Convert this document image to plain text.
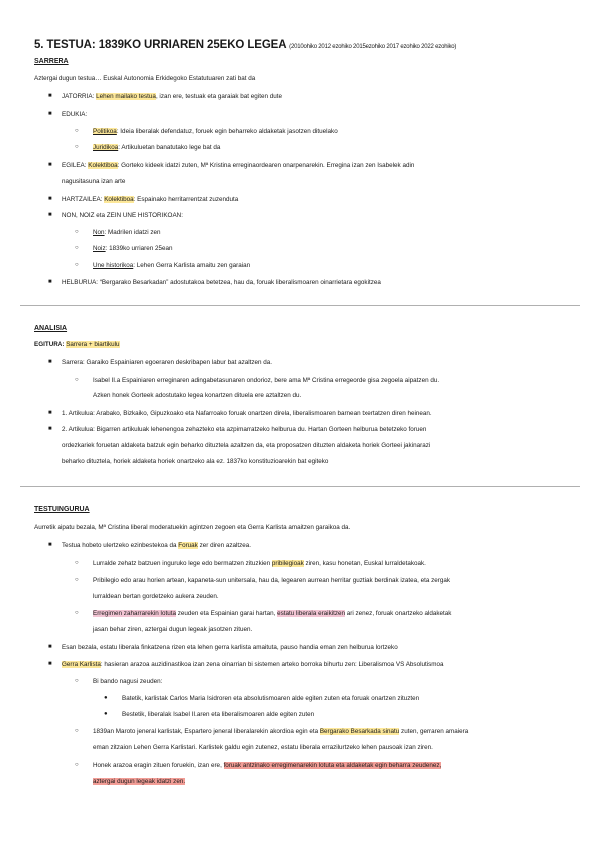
5. TESTUA: 1839KO URRIAREN 25EKO LEGEA (2010ohiko 2012 ezohiko 2015ezohiko 2017 ezohiko 2022 ezohiko)
SARRERA
Aztergai dugun testua… Euskal Autonomia Erkidegoko Estatutuaren zati bat da
■ JATORRIA: Lehen mailako testua, izan ere, testuak eta garaiak bat egiten dute
■ EDUKIA:
○ Politikoa: Ideia liberalak defendatuz, foruek egin beharreko aldaketak jasotzen dituelako
○ Juridikoa: Artikuluetan banatutako lege bat da
■ EGILEA: Kolektiboa: Gorteko kideek idatzi zuten, Mª Kristina erreginaordearen onarpenarekin. Erregina izan zen Isabelek adin
nagusitasuna izan arte
■ HARTZAILEA: Kolektiboa: Espainako herritarrentzat zuzenduta
■ NON, NOIZ eta ZEIN UNE HISTORIKOAN:
○ Non: Madrilen idatzi zen
○ Noiz: 1839ko urriaren 25ean
○ Une historikoa: Lehen Gerra Karlista amaitu zen garaian
■ HELBURUA: “Bergarako Besarkadan” adostutakoa betetzea, hau da, foruak liberalismoaren oinarrietara egokitzea
ANALISIA
EGITURA: Sarrera + biartikulu
■ Sarrera: Garaiko Espainiaren egoeraren deskribapen labur bat azaltzen da.
○ Isabel II.a Espainiaren erreginaren adingabetasunaren ondorioz, bere ama Mª Cristina erregeorde gisa zegoela aipatzen du.
Azken honek Gorteek adostutako legea konartzen dituela ere aztaltzen du.
■ 1. Artikulua: Arabako, Bizkaiko, Gipuzkoako eta Nafarroako foruak onartzen direla, liberalismoaren barnean txertatzen diren heinean.
■ 2. Artikulua: Bigarren artikuluak lehenengoa zehazteko eta azpimarratzeko helburua du. Hartan Gorteen helburua betetzeko foruen
ordezkariek foruetan aldaketa batzuk egin beharko dituztela azaltzen da, eta proposatzen dituzten aldaketa horiek Gorteei jakinarazi
beharko dituztela, horiek aldaketa horiek onartzeko ala ez. 1837ko konstituzioarekin bat egiteko
TESTUINGURUA
Aurretik aipatu bezala, Mª Cristina liberal moderatuekin agintzen zegoen eta Gerra Karlista amaitzen garaikoa da.
■ Testua hobeto ulertzeko ezinbestekoa da Foruak zer diren azaltzea.
○ Lurralde zehatz batzuen inguruko lege edo bermatzen zituzkien pribilegioak ziren, kasu honetan, Euskal lurraldetakoak.
○ Pribilegio edo arau horien artean, kapaneta-sun unitersala, hau da, legearen aurrean herritar guztiak berdinak izatea, eta zergak
lurraldean bertan gordetzeko aukera zeuden.
○ Erregimen zaharrarekin lotuta zeuden eta Espainian garai hartan, estatu liberala eraikitzen ari zenez, foruak onartzeko aldaketak
jasan behar ziren, aztergai dugun legeak jasotzen zituen.
■ Esan bezala, estatu liberala finkatzena rizen eta lehen gerra karlista amaituta, pauso handia eman zen helburua lortzeko
■ Gerra Karlista: hasieran arazoa auzidinastikoa izan zena oinarrian bi sistemen arteko borroka bihurtu zen: Liberalismoa VS Absolutismoa
○ Bi bando nagusi zeuden:
● Batetik, karlistak Carlos Maria Isidroren eta absolutismoaren alde egiten zuten eta foruak onartzen zituzten
● Bestetik, liberalak Isabel II.aren eta liberalismoaren alde egiten zuten
○ 1839an Maroto jeneral karlistak, Espartero jeneral liberalarekin akordioa egin eta Bergarako Besarkada sinatu zuten, gerraren amaiera
eman zitzaion Lehen Gerra Karlistari. Karlistek galdu egin zutenez, estatu liberala errazilurtzeko lehen pausoak izan ziren.
○ Honek arazoa eragin zituen foruekin, izan ere, foruak antzinako erregimenarekin lotuta eta aldaketak egin beharra zeudenez,
aztergai dugun legeak idatzi zen.
